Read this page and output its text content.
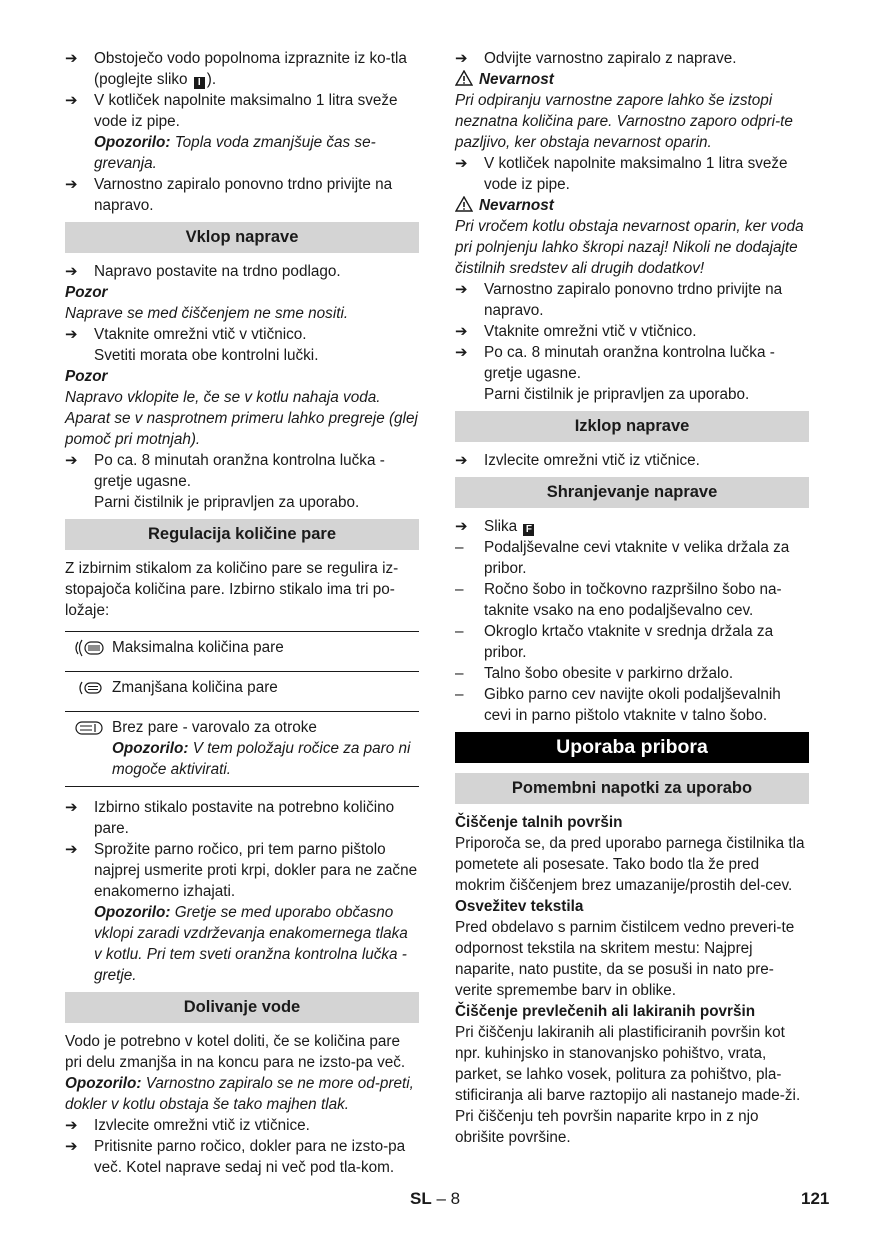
➔ Obstoječo vodo popolnoma izpraznite iz ko-tla (poglejte sliko I ).

➔ V kotliček napolnite maksimalno 1 litra sveže vode iz pipe.

Opozorilo: Topla voda zmanjšuje čas se-grevanja.

➔ Varnostno zapiralo ponovno trdno privijte na napravo.

Vklop naprave

➔ Napravo postavite na trdno podlago.

Pozor

Naprave se med čiščenjem ne sme nositi.

➔ Vtaknite omrežni vtič v vtičnico.

Svetiti morata obe kontrolni lučki.

Pozor

Napravo vklopite le, če se v kotlu nahaja voda. Aparat se v nasprotnem primeru lahko pregreje (glej pomoč pri motnjah).

➔ Po ca. 8 minutah oranžna kontrolna lučka - gretje ugasne.

Parni čistilnik je pripravljen za uporabo.

Regulacija količine pare

Z izbirnim stikalom za količino pare se regulira iz-stopajoča količina pare. Izbirno stikalo ima tri po-ložaje:

	Maksimalna količina pare
	Zmanjšana količina pare

Brez pare - varovalo za otroke
Opozorilo: V tem položaju ročice za paro ni mogoče aktivirati.

➔ Izbirno stikalo postavite na potrebno količino pare.

➔ Sprožite parno ročico, pri tem parno pištolo najprej usmerite proti krpi, dokler para ne začne enakomerno izhajati.

Opozorilo: Gretje se med uporabo občasno vklopi zaradi vzdrževanja enakomernega tlaka v kotlu. Pri tem sveti oranžna kontrolna lučka - gretje.

Dolivanje vode

Vodo je potrebno v kotel doliti, če se količina pare pri delu zmanjša in na koncu para ne izsto-pa več.

Opozorilo: Varnostno zapiralo se ne more od-preti, dokler v kotlu obstaja še tako majhen tlak.

➔ Izvlecite omrežni vtič iz vtičnice.

➔ Pritisnite parno ročico, dokler para ne izsto-pa več. Kotel naprave sedaj ni več pod tla-kom.

➔ Odvijte varnostno zapiralo z naprave.

Nevarnost

Pri odpiranju varnostne zapore lahko še izstopi neznatna količina pare. Varnostno zaporo odpri-te pazljivo, ker obstaja nevarnost oparin.

➔ V kotliček napolnite maksimalno 1 litra sveže vode iz pipe.

Nevarnost

Pri vročem kotlu obstaja nevarnost oparin, ker voda pri polnjenju lahko škropi nazaj! Nikoli ne dodajajte čistilnih sredstev ali drugih dodatkov!

➔ Varnostno zapiralo ponovno trdno privijte na napravo.

➔ Vtaknite omrežni vtič v vtičnico.

➔ Po ca. 8 minutah oranžna kontrolna lučka - gretje ugasne.

Parni čistilnik je pripravljen za uporabo.

Izklop naprave

➔ Izvlecite omrežni vtič iz vtičnice.

Shranjevanje naprave

➔ Slika F

– Podaljševalne cevi vtaknite v velika držala za pribor.

– Ročno šobo in točkovno razpršilno šobo na-taknite vsako na eno podaljševalno cev.

– Okroglo krtačo vtaknite v srednja držala za pribor.

– Talno šobo obesite v parkirno držalo.

– Gibko parno cev navijte okoli podaljševalnih cevi in parno pištolo vtaknite v talno šobo.

Uporaba pribora
Pomembni napotki za uporabo

Čiščenje talnih površin

Priporoča se, da pred uporabo parnega čistilnika tla pometete ali posesate. Tako bodo tla že pred mokrim čiščenjem brez umazanije/prostih del-cev.

Osvežitev tekstila

Pred obdelavo s parnim čistilcem vedno preveri-te odpornost tekstila na skritem mestu: Najprej naparite, nato pustite, da se posuši in nato pre-verite spremembe barv in oblike.

Čiščenje prevlečenih ali lakiranih površin

Pri čiščenju lakiranih ali plastificiranih površin kot npr. kuhinjsko in stanovanjsko pohištvo, vrata, parket, se lahko vosek, politura za pohištvo, pla-stificiranja ali barve raztopijo ali nastanejo made-ži. Pri čiščenju teh površin naparite krpo in z njo obrišite površine.

SL – 8	121
